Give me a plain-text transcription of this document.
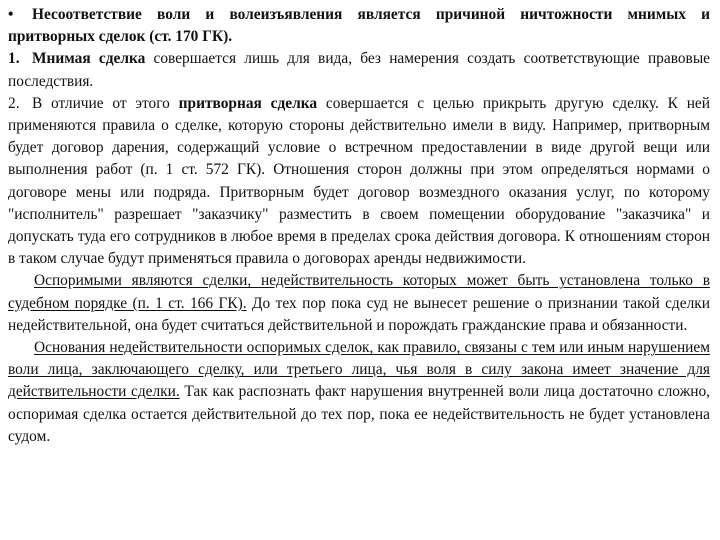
• Несоответствие воли и волеизъявления является причиной ничтожности мнимых и притворных сделок (ст. 170 ГК).

1. Мнимая сделка совершается лишь для вида, без намерения создать соответствующие правовые последствия.

2. В отличие от этого притворная сделка совершается с целью прикрыть другую сделку. К ней применяются правила о сделке, которую стороны действительно имели в виду. Например, притворным будет договор дарения, содержащий условие о встречном предоставлении в виде другой вещи или выполнения работ (п. 1 ст. 572 ГК). Отношения сторон должны при этом определяться нормами о договоре мены или подряда. Притворным будет договор возмездного оказания услуг, по которому "исполнитель" разрешает "заказчику" разместить в своем помещении оборудование "заказчика" и допускать туда его сотрудников в любое время в пределах срока действия договора. К отношениям сторон в таком случае будут применяться правила о договорах аренды недвижимости.

Оспоримыми являются сделки, недействительность которых может быть установлена только в судебном порядке (п. 1 ст. 166 ГК). До тех пор пока суд не вынесет решение о признании такой сделки недействительной, она будет считаться действительной и порождать гражданские права и обязанности.

Основания недействительности оспоримых сделок, как правило, связаны с тем или иным нарушением воли лица, заключающего сделку, или третьего лица, чья воля в силу закона имеет значение для действительности сделки. Так как распознать факт нарушения внутренней воли лица достаточно сложно, оспоримая сделка остается действительной до тех пор, пока ее недействительность не будет установлена судом.
